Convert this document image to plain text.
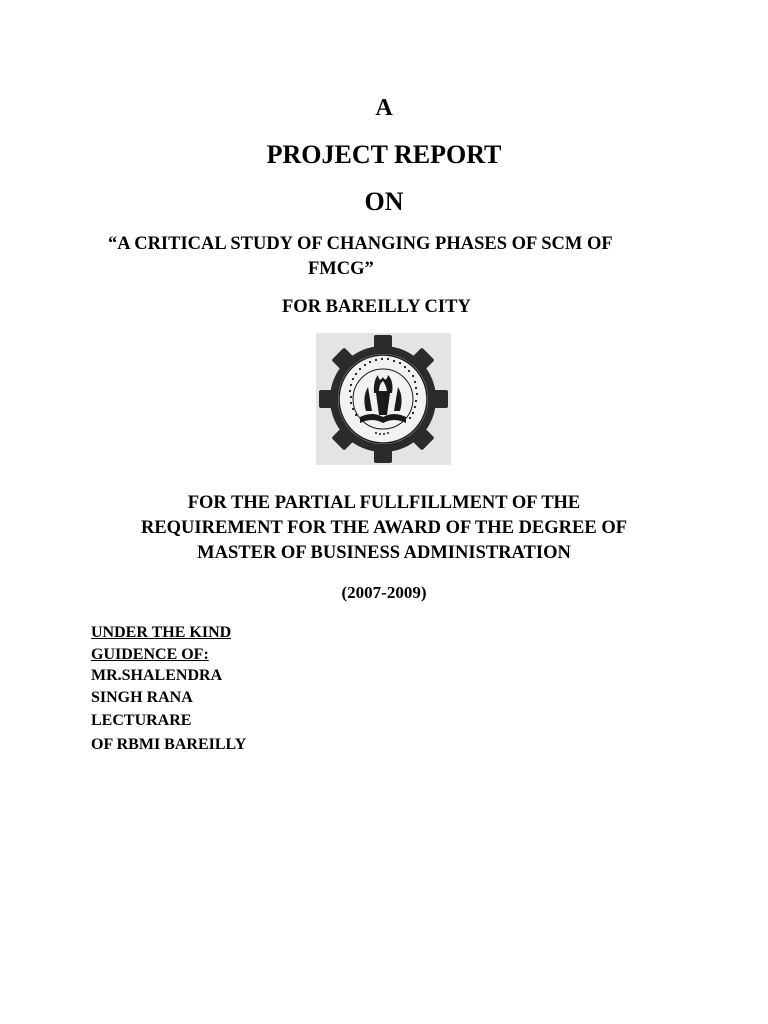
A
PROJECT REPORT
ON
“A CRITICAL STUDY OF CHANGING PHASES OF SCM OF
FMCG”
FOR BAREILLY CITY
FOR THE PARTIAL FULLFILLMENT OF THE
REQUIREMENT FOR THE AWARD OF THE DEGREE OF
MASTER OF BUSINESS ADMINISTRATION
(2007-2009)
UNDER THE KIND
GUIDENCE OF:
MR.SHALENDRA
SINGH RANA
LECTURARE
OF RBMI BAREILLY
